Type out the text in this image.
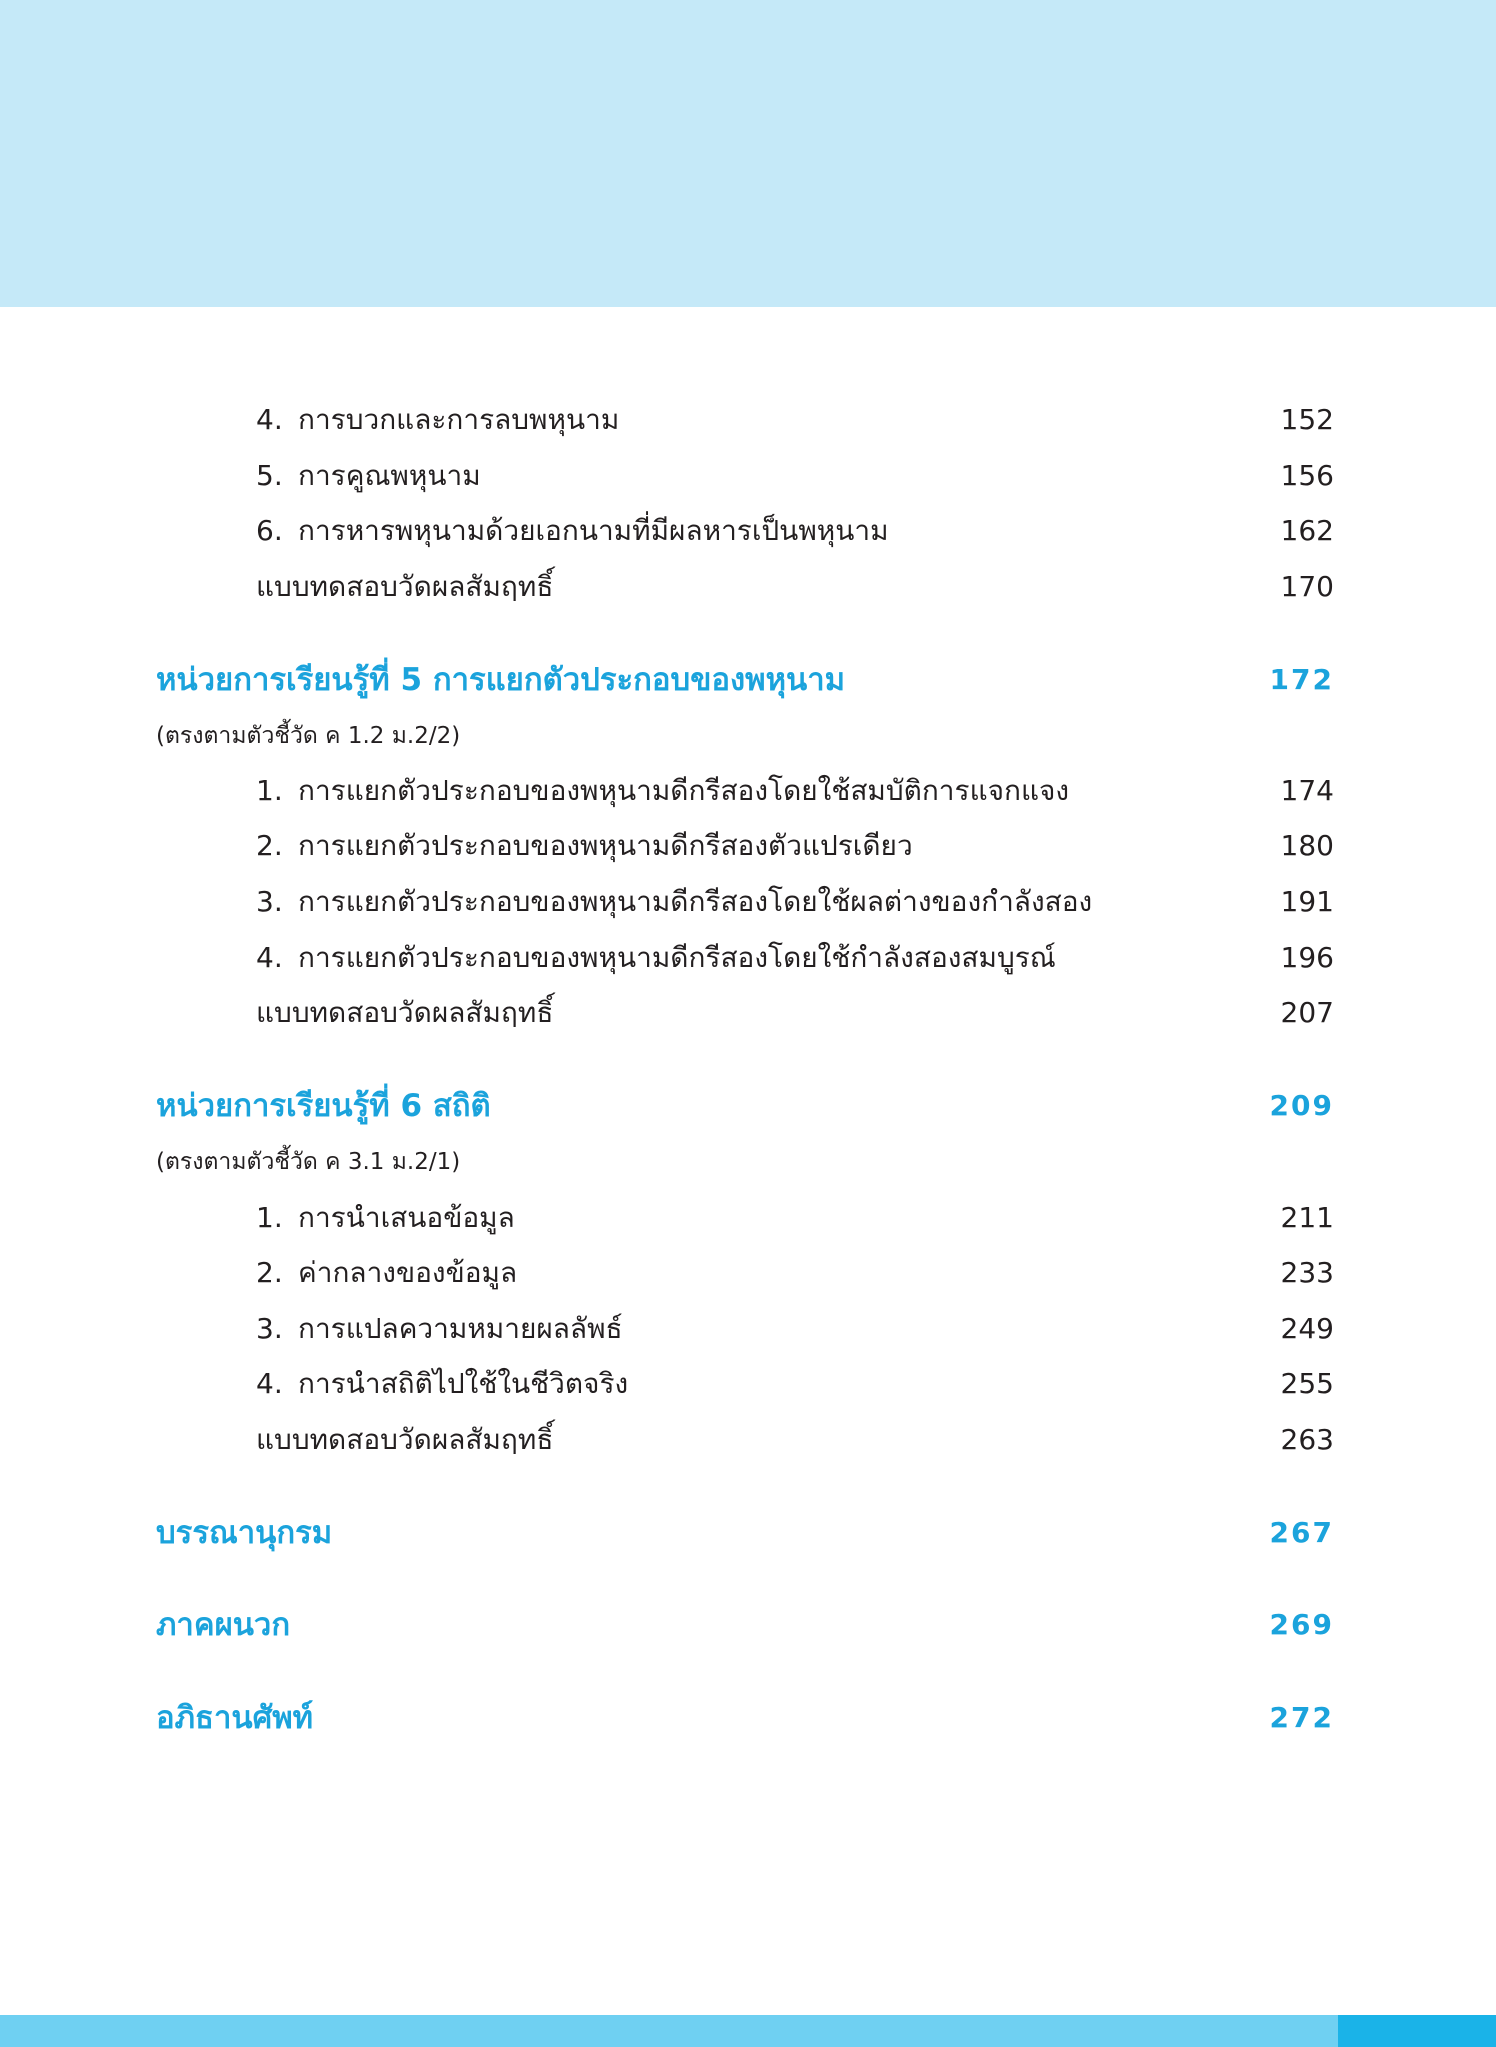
4. การบวกและการลบพหุนาม	152
5. การคูณพหุนาม	156
6. การหารพหุนามด้วยเอกนามที่มีผลหารเป็นพหุนาม	162
แบบทดสอบวัดผลสัมฤทธิ์	170
หน่วยการเรียนรู้ที่ 5 การแยกตัวประกอบของพหุนาม	172
(ตรงตามตัวชี้วัด ค 1.2 ม.2/2)
1. การแยกตัวประกอบของพหุนามดีกรีสองโดยใช้สมบัติการแจกแจง	174
2. การแยกตัวประกอบของพหุนามดีกรีสองตัวแปรเดียว	180
3. การแยกตัวประกอบของพหุนามดีกรีสองโดยใช้ผลต่างของกำลังสอง	191
4. การแยกตัวประกอบของพหุนามดีกรีสองโดยใช้กำลังสองสมบูรณ์	196
แบบทดสอบวัดผลสัมฤทธิ์	207
หน่วยการเรียนรู้ที่ 6 สถิติ	209
(ตรงตามตัวชี้วัด ค 3.1 ม.2/1)
1. การนำเสนอข้อมูล	211
2. ค่ากลางของข้อมูล	233
3. การแปลความหมายผลลัพธ์	249
4. การนำสถิติไปใช้ในชีวิตจริง	255
แบบทดสอบวัดผลสัมฤทธิ์	263
บรรณานุกรม	267
ภาคผนวก	269
อภิธานศัพท์	272
